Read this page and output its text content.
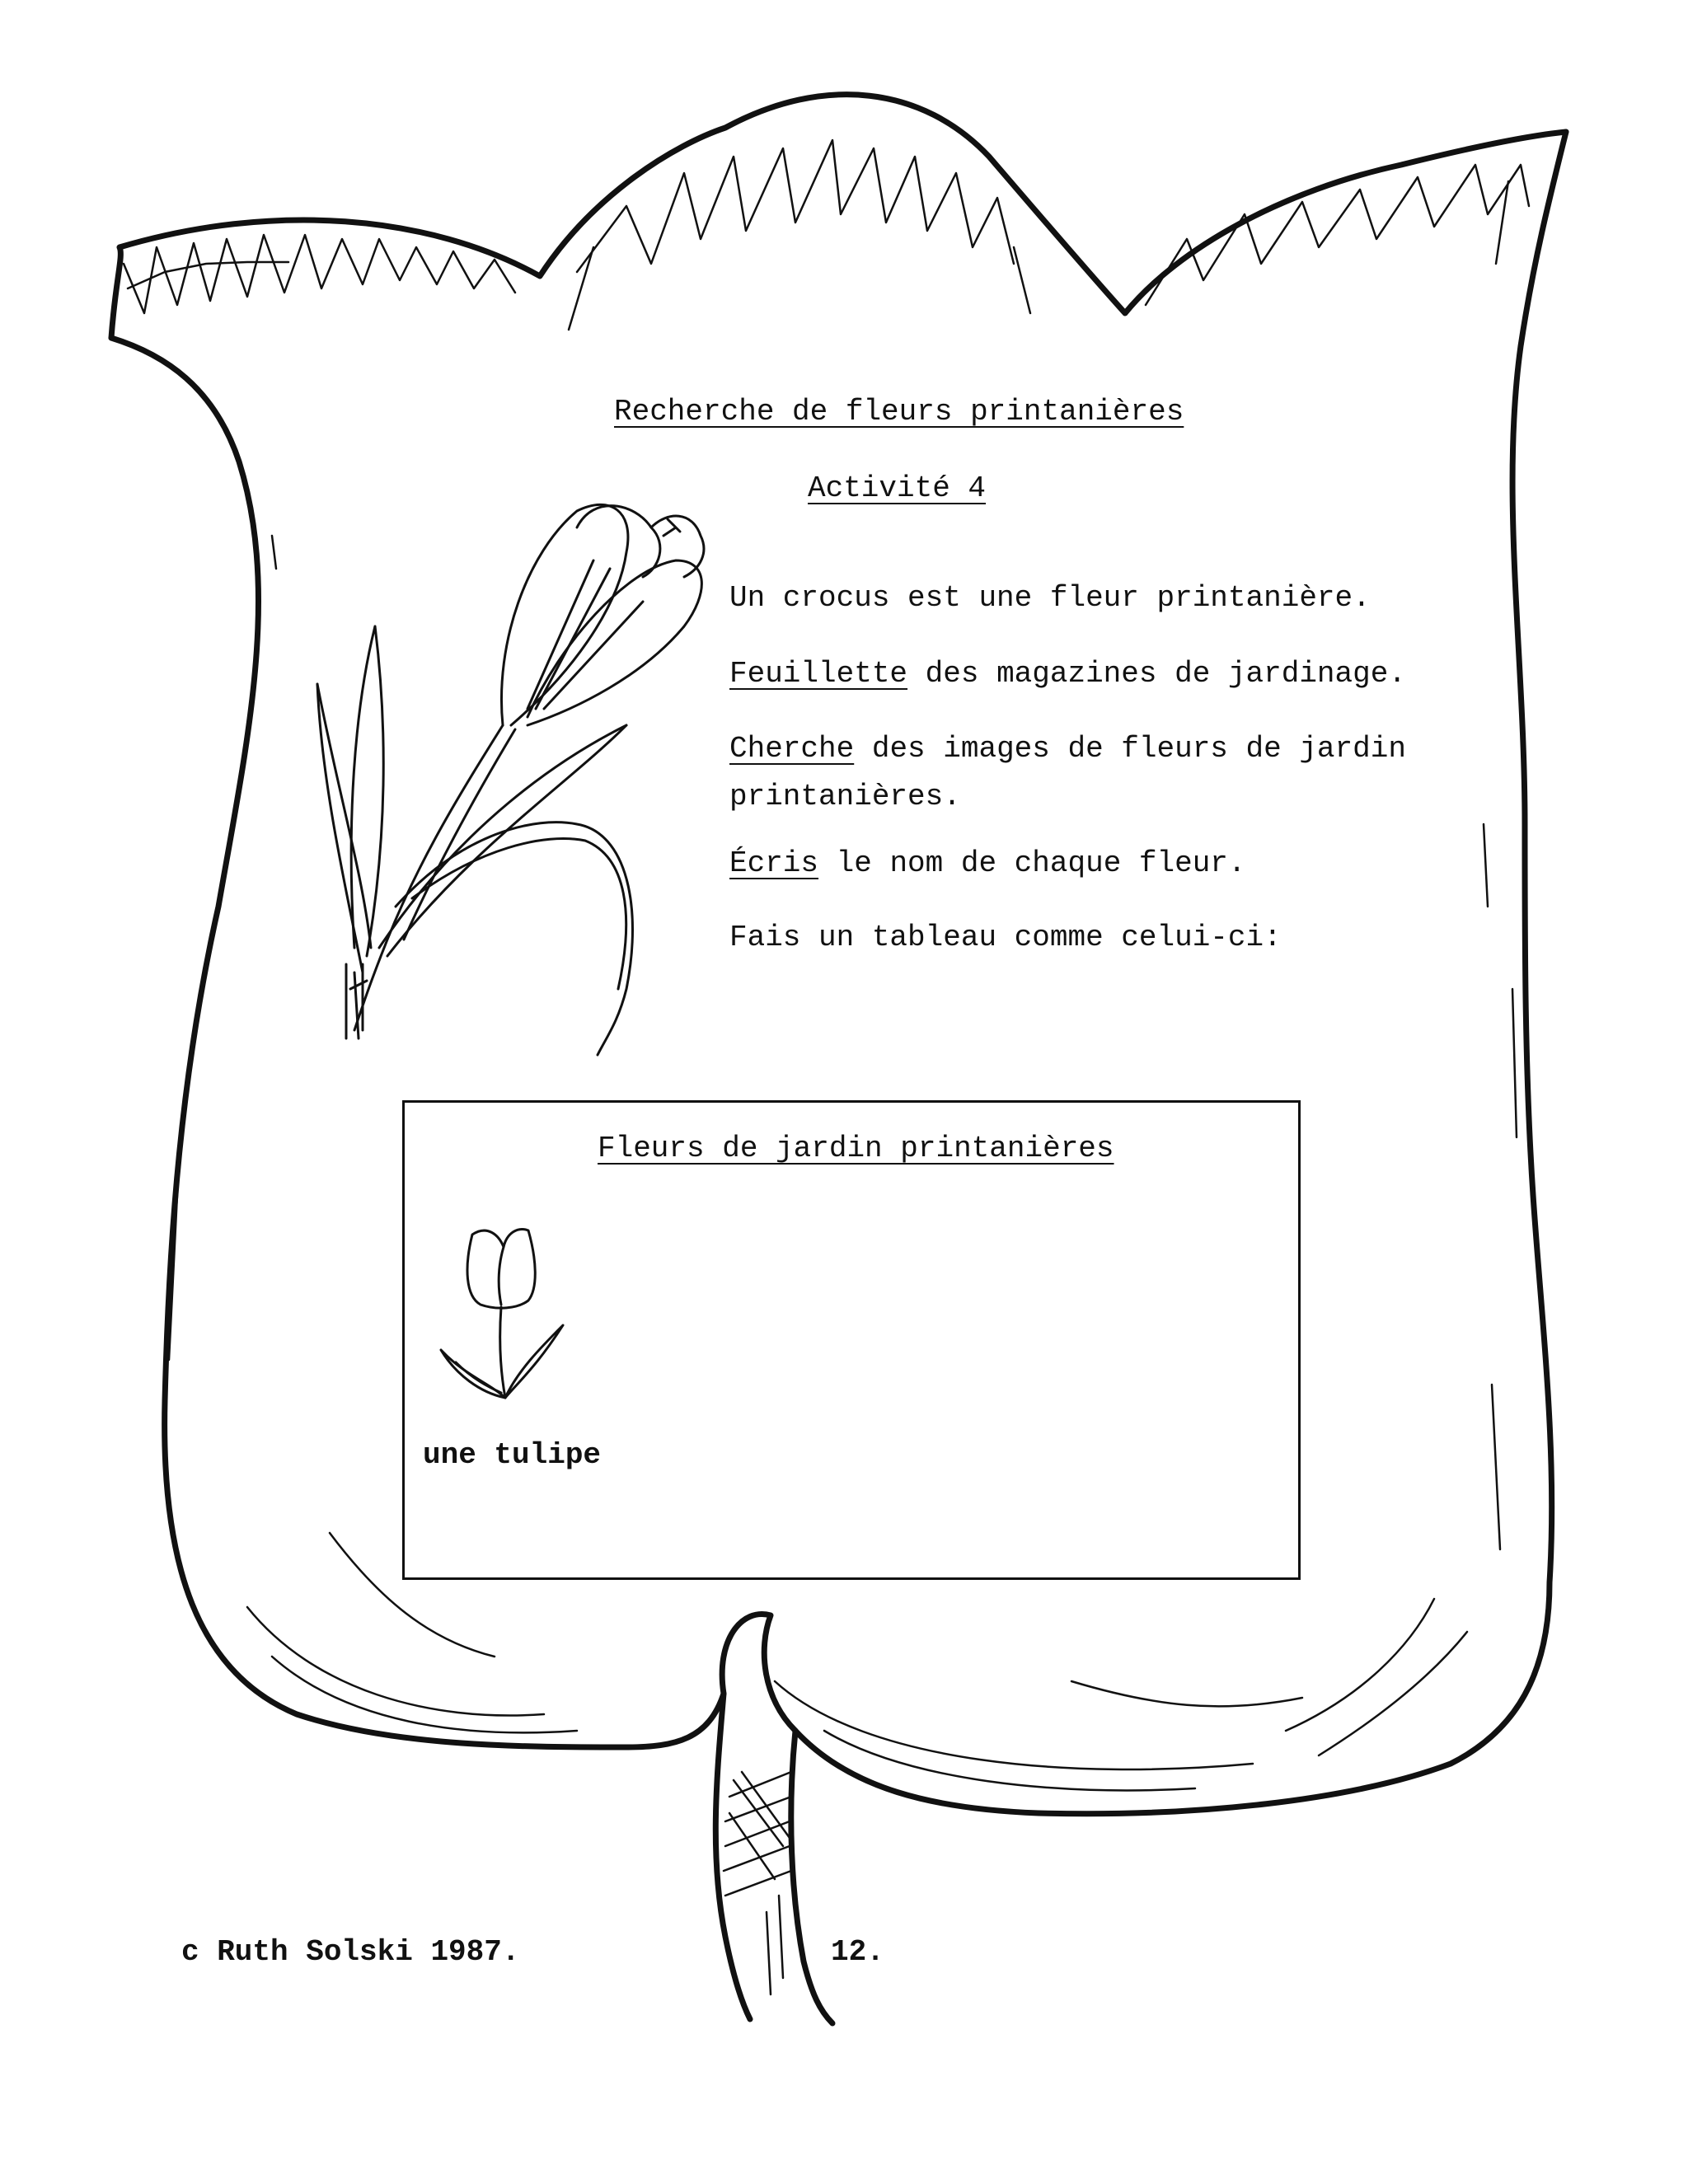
Recherche de fleurs printanières
Activité 4
Un crocus est une fleur printanière.
Feuillette des magazines de jardinage.
Cherche des images de fleurs de jardin printanières.
Écris le nom de chaque fleur.
Fais un tableau comme celui-ci:
Fleurs de jardin printanières
une tulipe
c Ruth Solski 1987.	12.
